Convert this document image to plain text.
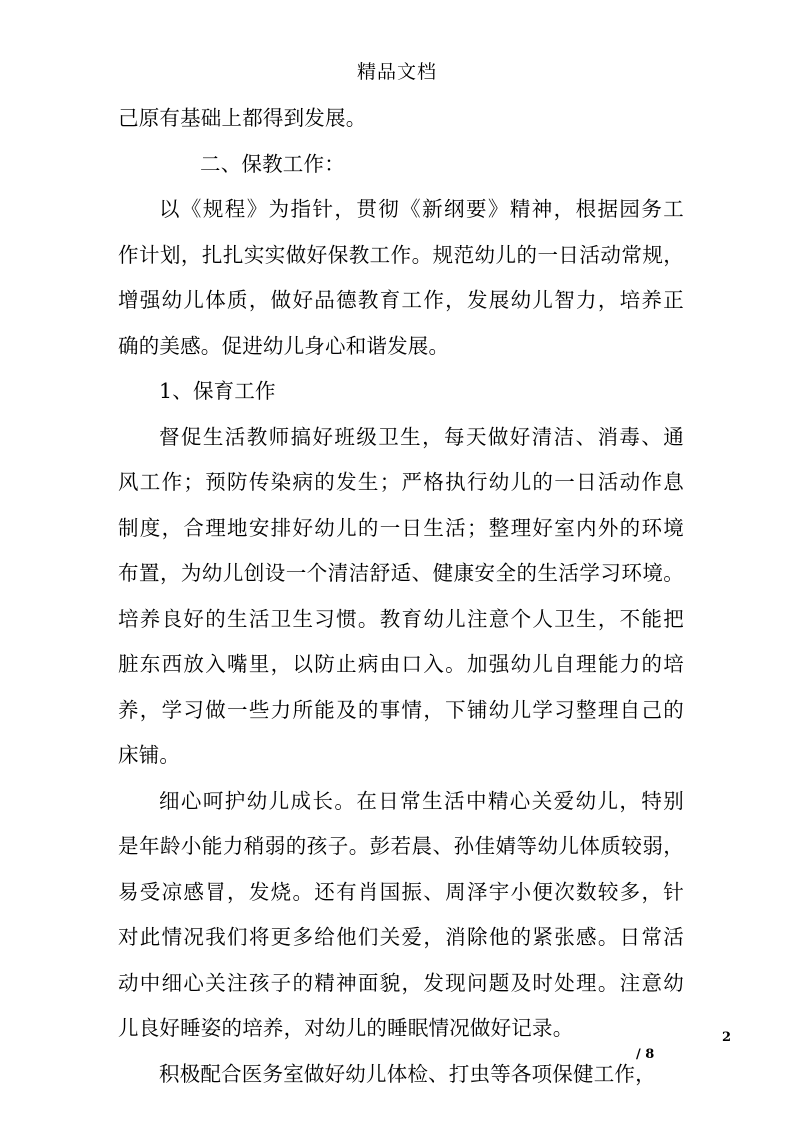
精品文档
己原有基础上都得到发展。
二、保教工作：
以《规程》为指针，贯彻《新纲要》精神，根据园务工
作计划，扎扎实实做好保教工作。规范幼儿的一日活动常规，
增强幼儿体质，做好品德教育工作，发展幼儿智力，培养正
确的美感。促进幼儿身心和谐发展。
1、保育工作
督促生活教师搞好班级卫生，每天做好清洁、消毒、通
风工作；预防传染病的发生；严格执行幼儿的一日活动作息
制度，合理地安排好幼儿的一日生活；整理好室内外的环境
布置，为幼儿创设一个清洁舒适、健康安全的生活学习环境。
培养良好的生活卫生习惯。教育幼儿注意个人卫生，不能把
脏东西放入嘴里，以防止病由口入。加强幼儿自理能力的培
养，学习做一些力所能及的事情，下铺幼儿学习整理自己的
床铺。
细心呵护幼儿成长。在日常生活中精心关爱幼儿，特别
是年龄小能力稍弱的孩子。彭若晨、孙佳婧等幼儿体质较弱，
易受凉感冒，发烧。还有肖国振、周泽宇小便次数较多，针
对此情况我们将更多给他们关爱，消除他的紧张感。日常活
动中细心关注孩子的精神面貌，发现问题及时处理。注意幼
儿良好睡姿的培养，对幼儿的睡眠情况做好记录。
积极配合医务室做好幼儿体检、打虫等各项保健工作，
2
/ 8
